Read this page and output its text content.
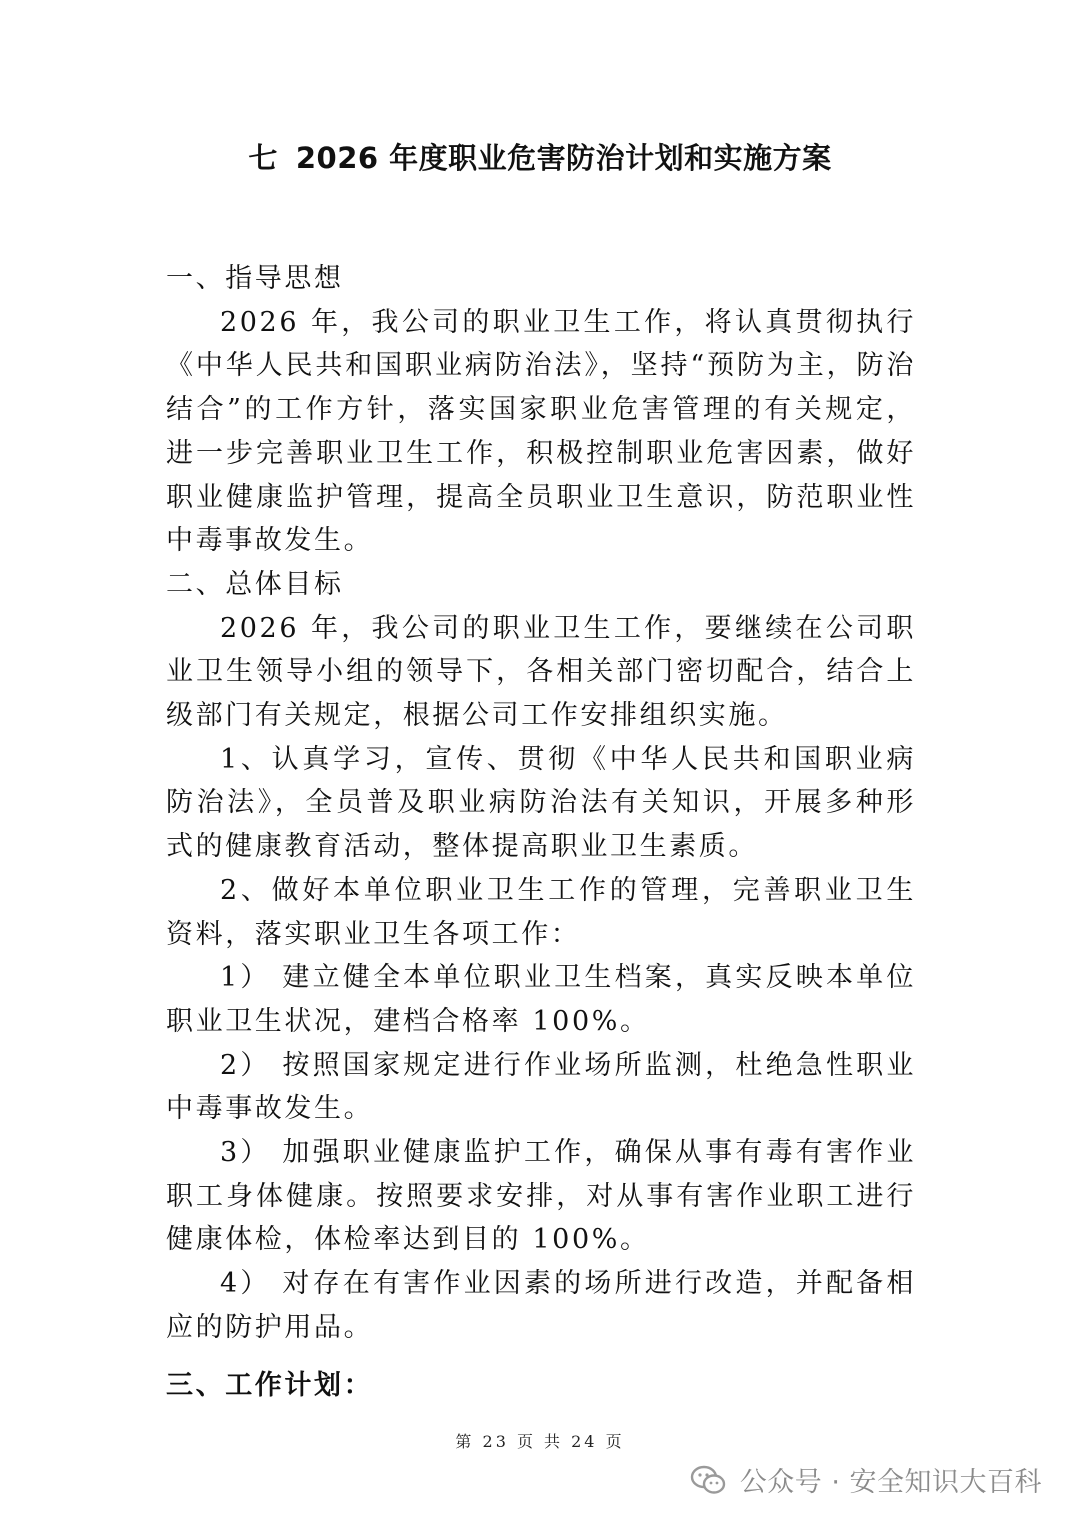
七 2026 年度职业危害防治计划和实施方案
一、指导思想

2026 年，我公司的职业卫生工作，将认真贯彻执行《中华人民共和国职业病防治法》，坚持“预防为主，防治结合”的工作方针，落实国家职业危害管理的有关规定，进一步完善职业卫生工作，积极控制职业危害因素，做好职业健康监护管理，提高全员职业卫生意识，防范职业性中毒事故发生。

二、总体目标

2026 年，我公司的职业卫生工作，要继续在公司职业卫生领导小组的领导下，各相关部门密切配合，结合上级部门有关规定，根据公司工作安排组织实施。

1、认真学习，宣传、贯彻《中华人民共和国职业病防治法》，全员普及职业病防治法有关知识，开展多种形式的健康教育活动，整体提高职业卫生素质。

2、做好本单位职业卫生工作的管理，完善职业卫生资料，落实职业卫生各项工作：

1） 建立健全本单位职业卫生档案，真实反映本单位职业卫生状况，建档合格率 100%。

2） 按照国家规定进行作业场所监测，杜绝急性职业中毒事故发生。

3） 加强职业健康监护工作，确保从事有毒有害作业职工身体健康。按照要求安排，对从事有害作业职工进行健康体检，体检率达到目的 100%。

4） 对存在有害作业因素的场所进行改造，并配备相应的防护用品。

三、工作计划：
第 23 页 共 24 页
公众号 · 安全知识大百科
